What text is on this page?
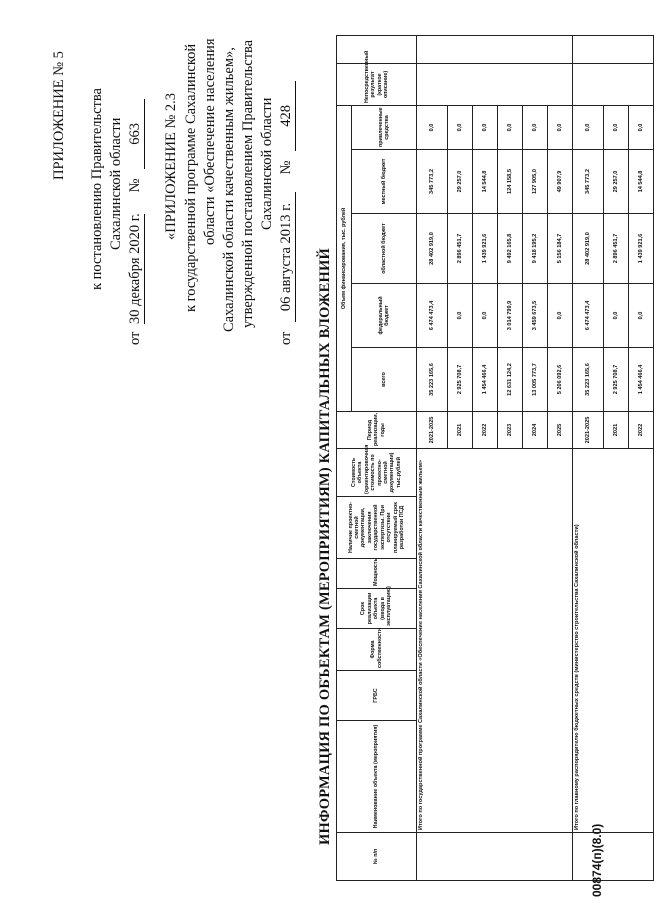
ПРИЛОЖЕНИЕ № 5 к постановлению Правительства Сахалинской области
от 30 декабря 2020 г. № 663 «ПРИЛОЖЕНИЕ № 2.3 к государственной программе Сахалинской области «Обеспечение населения Сахалинской области качественным жильем», утвержденной постановлением Правительства Сахалинской области
от 06 августа 2013 г. № 428
ИНФОРМАЦИЯ ПО ОБЪЕКТАМ (МЕРОПРИЯТИЯМ) КАПИТАЛЬНЫХ ВЛОЖЕНИЙ
№ п/п	Наименование объекта (мероприятия)	ГРБС	Форма собственности	Срок реализации объекта (ввода в эксплуатацию)	Мощность	Наличие проектно-сметной документации, заключения государственной экспертизы. При отсутствии планируемый срок разработки ПСД	Стоимость объекта (ориентировочная стоимость по проектно-сметной документации) тыс.рублей	Период реализации, годы	Объем финансирования, тыс. рублей					Непосредственный результат (краткое описание)	
									всего	федеральный бюджет	областной бюджет	местный бюджет	привлеченные средства		
	Итого по государственной программе Сахалинской области «Обеспечение населения Сахалинской области качественным жильем»							2021-2025	35 223 165,6	6 474 473,4	28 402 919,0	345 773,2	0,0		
								2021	2 925 708,7	0,0	2 896 451,7	29 257,0	0,0		
								2022	1 454 466,4	0,0	1 439 921,6	14 544,8	0,0		
								2023	12 631 124,2	3 014 799,9	9 492 165,8	124 158,5	0,0		
								2024	13 005 773,7	3 459 673,5	9 418 195,2	127 905,0	0,0		
								2025	5 206 092,6	0,0	5 156 184,7	49 907,9	0,0		
	Итого по главному распорядителю бюджетных средств (министерство строительства Сахалинской области)							2021-2025	35 223 165,6	6 474 473,4	28 402 919,0	345 773,2	0,0		
								2021	2 925 708,7	0,0	2 896 451,7	29 257,0	0,0		
								2022	1 454 466,4	0,0	1 439 921,6	14 544,8	0,0		
00874(п)(8.0)
